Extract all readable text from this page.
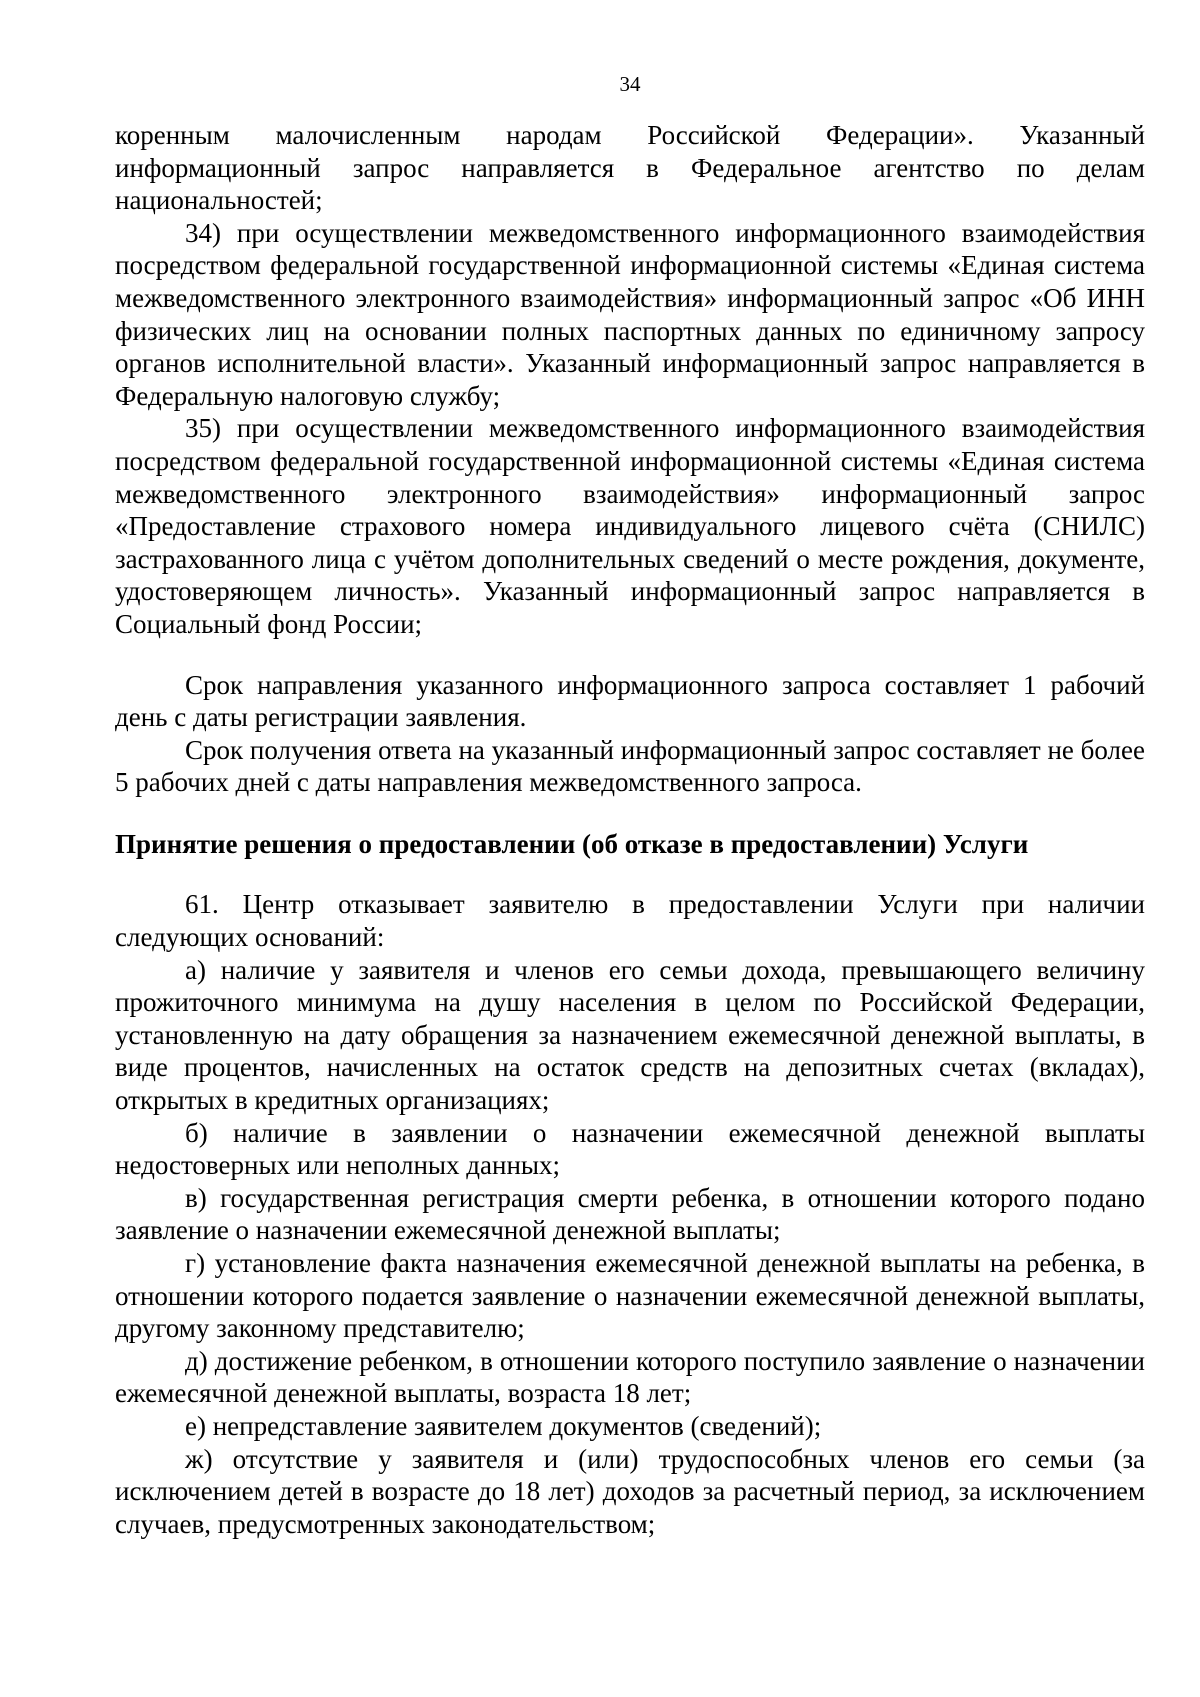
34

коренным малочисленным народам Российской Федерации». Указанный информационный запрос направляется в Федеральное агентство по делам национальностей;

34) при осуществлении межведомственного информационного взаимодействия посредством федеральной государственной информационной системы «Единая система межведомственного электронного взаимодействия» информационный запрос «Об ИНН физических лиц на основании полных паспортных данных по единичному запросу органов исполнительной власти». Указанный информационный запрос направляется в Федеральную налоговую службу;

35) при осуществлении межведомственного информационного взаимодействия посредством федеральной государственной информационной системы «Единая система межведомственного электронного взаимодействия» информационный запрос «Предоставление страхового номера индивидуального лицевого счёта (СНИЛС) застрахованного лица с учётом дополнительных сведений о месте рождения, документе, удостоверяющем личность». Указанный информационный запрос направляется в Социальный фонд России;

Срок направления указанного информационного запроса составляет 1 рабочий день с даты регистрации заявления.

Срок получения ответа на указанный информационный запрос составляет не более 5 рабочих дней с даты направления межведомственного запроса.

Принятие решения о предоставлении (об отказе в предоставлении) Услуги

61. Центр отказывает заявителю в предоставлении Услуги при наличии следующих оснований:

а) наличие у заявителя и членов его семьи дохода, превышающего величину прожиточного минимума на душу населения в целом по Российской Федерации, установленную на дату обращения за назначением ежемесячной денежной выплаты, в виде процентов, начисленных на остаток средств на депозитных счетах (вкладах), открытых в кредитных организациях;

б) наличие в заявлении о назначении ежемесячной денежной выплаты недостоверных или неполных данных;

в) государственная регистрация смерти ребенка, в отношении которого подано заявление о назначении ежемесячной денежной выплаты;

г) установление факта назначения ежемесячной денежной выплаты на ребенка, в отношении которого подается заявление о назначении ежемесячной денежной выплаты, другому законному представителю;

д) достижение ребенком, в отношении которого поступило заявление о назначении ежемесячной денежной выплаты, возраста 18 лет;

е) непредставление заявителем документов (сведений);

ж) отсутствие у заявителя и (или) трудоспособных членов его семьи (за исключением детей в возрасте до 18 лет) доходов за расчетный период, за исключением случаев, предусмотренных законодательством;
